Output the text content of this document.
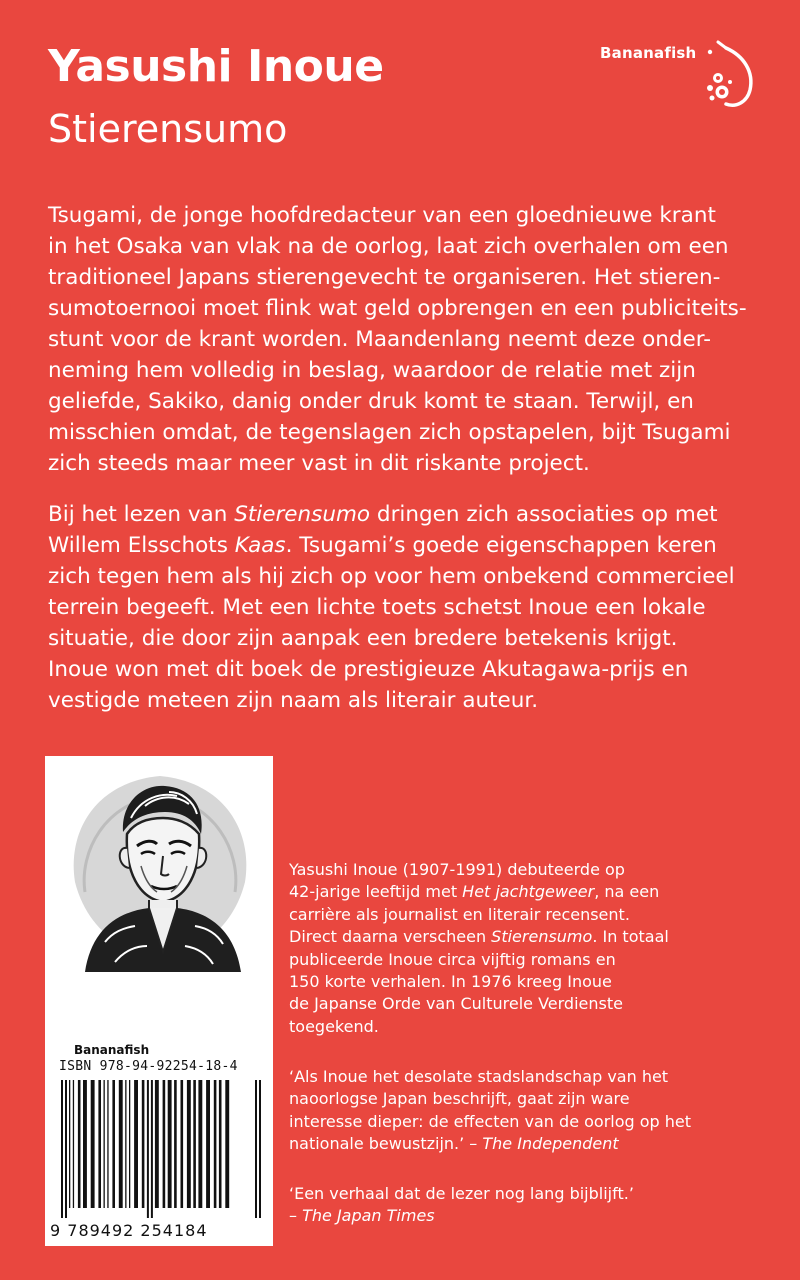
Yasushi Inoue
Stierensumo
Bananafish
Tsugami, de jonge hoofdredacteur van een gloednieuwe krant
in het Osaka van vlak na de oorlog, laat zich overhalen om een
traditioneel Japans stierengevecht te organiseren. Het stieren-
sumotoernooi moet flink wat geld opbrengen en een publiciteits-
stunt voor de krant worden. Maandenlang neemt deze onder-
neming hem volledig in beslag, waardoor de relatie met zijn
geliefde, Sakiko, danig onder druk komt te staan. Terwijl, en
misschien omdat, de tegenslagen zich opstapelen, bijt Tsugami
zich steeds maar meer vast in dit riskante project.
Bij het lezen van Stierensumo dringen zich associaties op met
Willem Elsschots Kaas. Tsugami’s goede eigenschappen keren
zich tegen hem als hij zich op voor hem onbekend commercieel
terrein begeeft. Met een lichte toets schetst Inoue een lokale
situatie, die door zijn aanpak een bredere betekenis krijgt.
Inoue won met dit boek de prestigieuze Akutagawa-prijs en
vestigde meteen zijn naam als literair auteur.
Bananafish
ISBN 978-94-92254-18-4
9 789492 254184
Yasushi Inoue (1907-1991) debuteerde op
42-jarige leeftijd met Het jachtgeweer, na een
carrière als journalist en literair recensent.
Direct daarna verscheen Stierensumo. In totaal
publiceerde Inoue circa vijftig romans en
150 korte verhalen. In 1976 kreeg Inoue
de Japanse Orde van Culturele Verdienste
toegekend.
‘Als Inoue het desolate stadslandschap van het
naoorlogse Japan beschrijft, gaat zijn ware
interesse dieper: de effecten van de oorlog op het
nationale bewustzijn.’ – The Independent
‘Een verhaal dat de lezer nog lang bijblijft.’
– The Japan Times
